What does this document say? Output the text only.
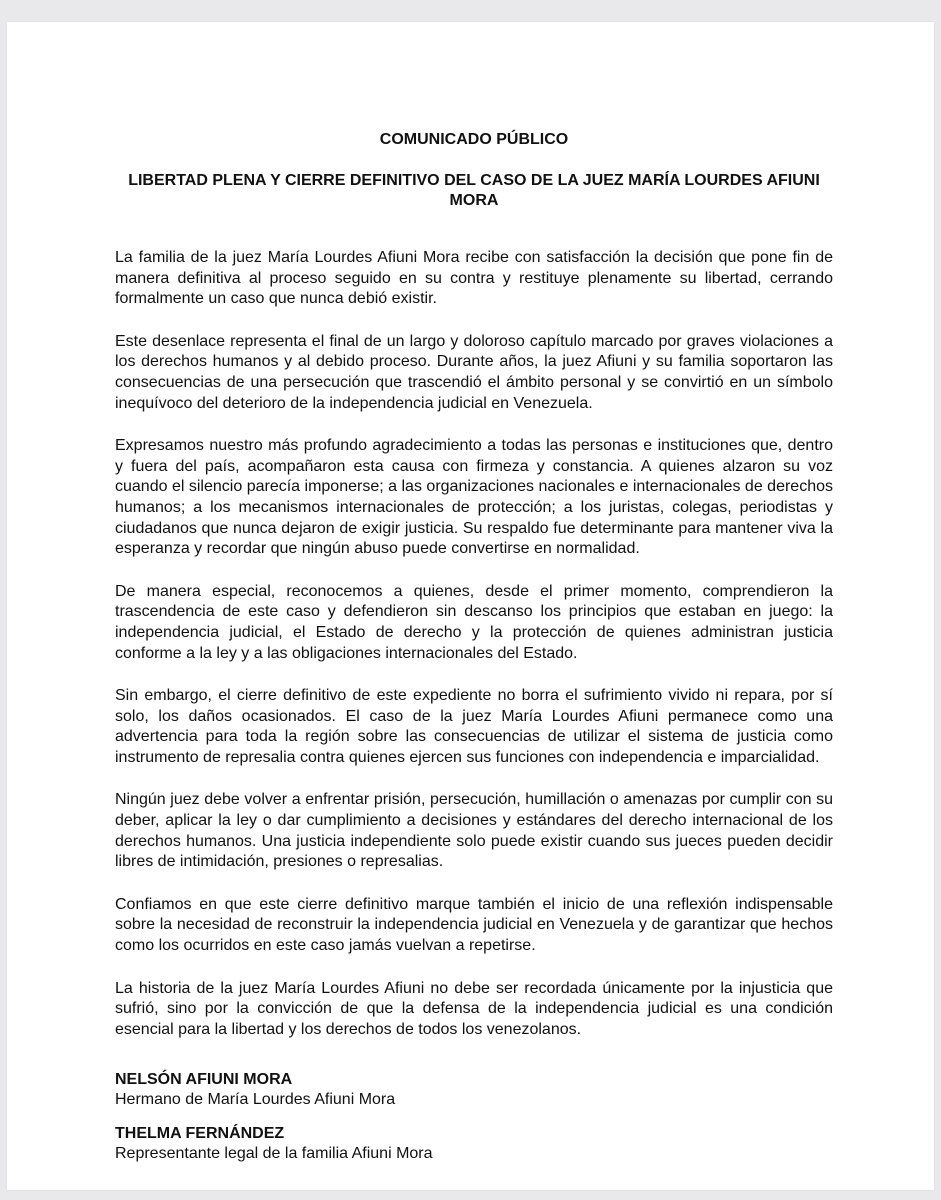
COMUNICADO PÚBLICO

LIBERTAD PLENA Y CIERRE DEFINITIVO DEL CASO DE LA JUEZ MARÍA LOURDES AFIUNI MORA

La familia de la juez María Lourdes Afiuni Mora recibe con satisfacción la decisión que pone fin de manera definitiva al proceso seguido en su contra y restituye plenamente su libertad, cerrando formalmente un caso que nunca debió existir.

Este desenlace representa el final de un largo y doloroso capítulo marcado por graves violaciones a los derechos humanos y al debido proceso. Durante años, la juez Afiuni y su familia soportaron las consecuencias de una persecución que trascendió el ámbito personal y se convirtió en un símbolo inequívoco del deterioro de la independencia judicial en Venezuela.

Expresamos nuestro más profundo agradecimiento a todas las personas e instituciones que, dentro y fuera del país, acompañaron esta causa con firmeza y constancia. A quienes alzaron su voz cuando el silencio parecía imponerse; a las organizaciones nacionales e internacionales de derechos humanos; a los mecanismos internacionales de protección; a los juristas, colegas, periodistas y ciudadanos que nunca dejaron de exigir justicia. Su respaldo fue determinante para mantener viva la esperanza y recordar que ningún abuso puede convertirse en normalidad.

De manera especial, reconocemos a quienes, desde el primer momento, comprendieron la trascendencia de este caso y defendieron sin descanso los principios que estaban en juego: la independencia judicial, el Estado de derecho y la protección de quienes administran justicia conforme a la ley y a las obligaciones internacionales del Estado.

Sin embargo, el cierre definitivo de este expediente no borra el sufrimiento vivido ni repara, por sí solo, los daños ocasionados. El caso de la juez María Lourdes Afiuni permanece como una advertencia para toda la región sobre las consecuencias de utilizar el sistema de justicia como instrumento de represalia contra quienes ejercen sus funciones con independencia e imparcialidad.

Ningún juez debe volver a enfrentar prisión, persecución, humillación o amenazas por cumplir con su deber, aplicar la ley o dar cumplimiento a decisiones y estándares del derecho internacional de los derechos humanos. Una justicia independiente solo puede existir cuando sus jueces pueden decidir libres de intimidación, presiones o represalias.

Confiamos en que este cierre definitivo marque también el inicio de una reflexión indispensable sobre la necesidad de reconstruir la independencia judicial en Venezuela y de garantizar que hechos como los ocurridos en este caso jamás vuelvan a repetirse.

La historia de la juez María Lourdes Afiuni no debe ser recordada únicamente por la injusticia que sufrió, sino por la convicción de que la defensa de la independencia judicial es una condición esencial para la libertad y los derechos de todos los venezolanos.

NELSÓN AFIUNI MORA
Hermano de María Lourdes Afiuni Mora
THELMA FERNÁNDEZ
Representante legal de la familia Afiuni Mora
